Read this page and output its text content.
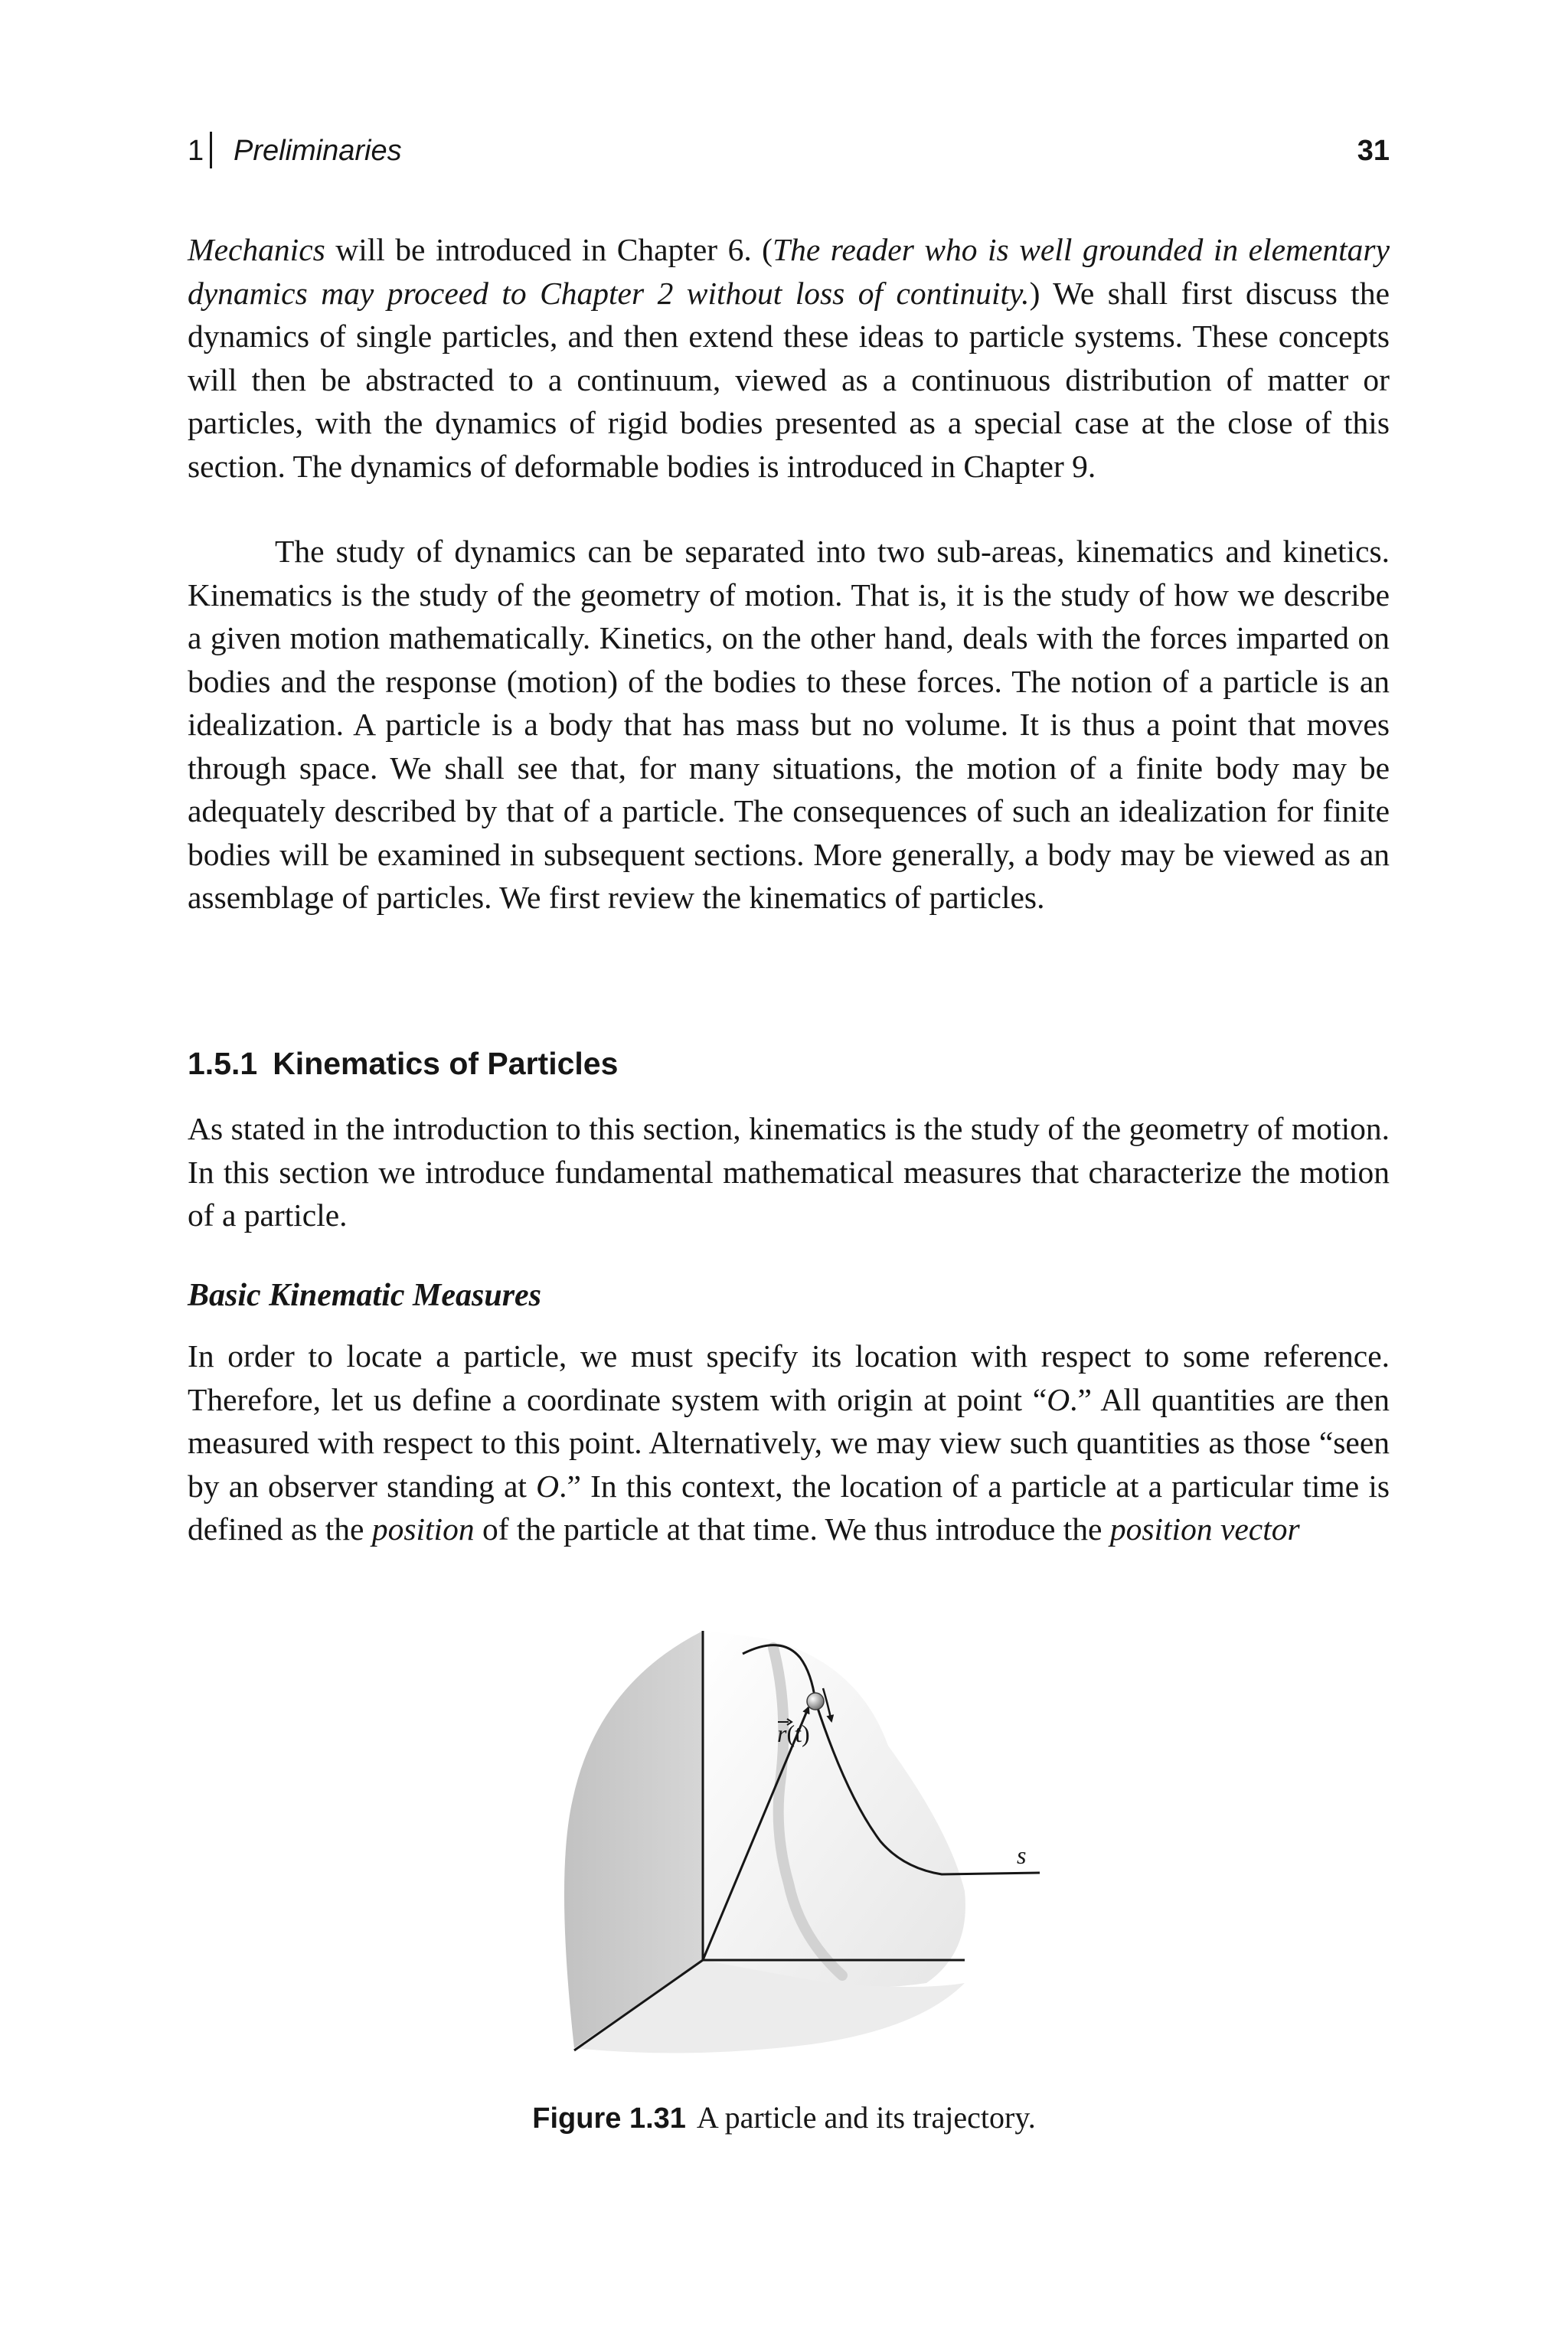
1 Preliminaries	31

Mechanics will be introduced in Chapter 6. (The reader who is well grounded in elementary dynamics may proceed to Chapter 2 without loss of continuity.) We shall first discuss the dynamics of single particles, and then extend these ideas to particle systems. These concepts will then be abstracted to a continuum, viewed as a continuous distribution of matter or particles, with the dynamics of rigid bodies presented as a special case at the close of this section. The dynamics of deformable bodies is introduced in Chapter 9.

The study of dynamics can be separated into two sub-areas, kinematics and kinetics. Kinematics is the study of the geometry of motion. That is, it is the study of how we describe a given motion mathematically. Kinetics, on the other hand, deals with the forces imparted on bodies and the response (motion) of the bodies to these forces. The notion of a particle is an idealization. A particle is a body that has mass but no volume. It is thus a point that moves through space. We shall see that, for many situations, the motion of a finite body may be adequately described by that of a particle. The consequences of such an idealization for finite bodies will be examined in subsequent sections. More generally, a body may be viewed as an assemblage of particles. We first review the kinematics of particles.

1.5.1 Kinematics of Particles

As stated in the introduction to this section, kinematics is the study of the geometry of motion. In this section we introduce fundamental mathematical measures that characterize the motion of a particle.

Basic Kinematic Measures

In order to locate a particle, we must specify its location with respect to some reference. Therefore, let us define a coordinate system with origin at point “O.” All quantities are then measured with respect to this point. Alternatively, we may view such quantities as those “seen by an observer standing at O.” In this context, the location of a particle at a particular time is defined as the position of the particle at that time. We thus introduce the position vector

r(t)
s
Figure 1.31 A particle and its trajectory.
